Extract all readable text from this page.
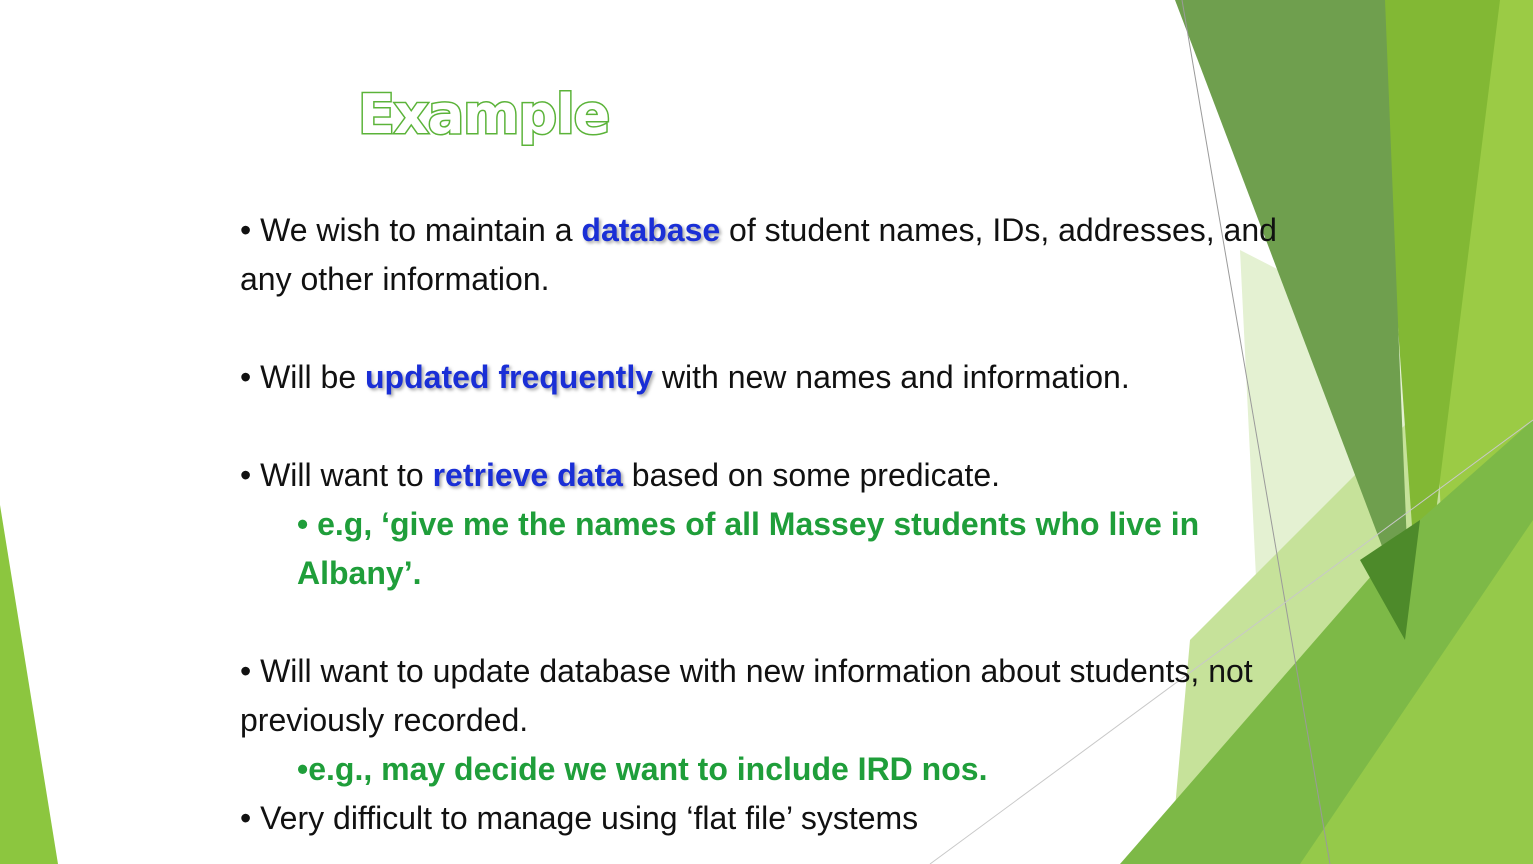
Example

• We wish to maintain a database of student names, IDs, addresses, and any other information.

• Will be updated frequently with new names and information.

• Will want to retrieve data based on some predicate.

• e.g, ‘give me the names of all Massey students who live in Albany’.

• Will want to update database with new information about students, not previously recorded.

•e.g., may decide we want to include IRD nos.

• Very difficult to manage using ‘flat file’ systems
